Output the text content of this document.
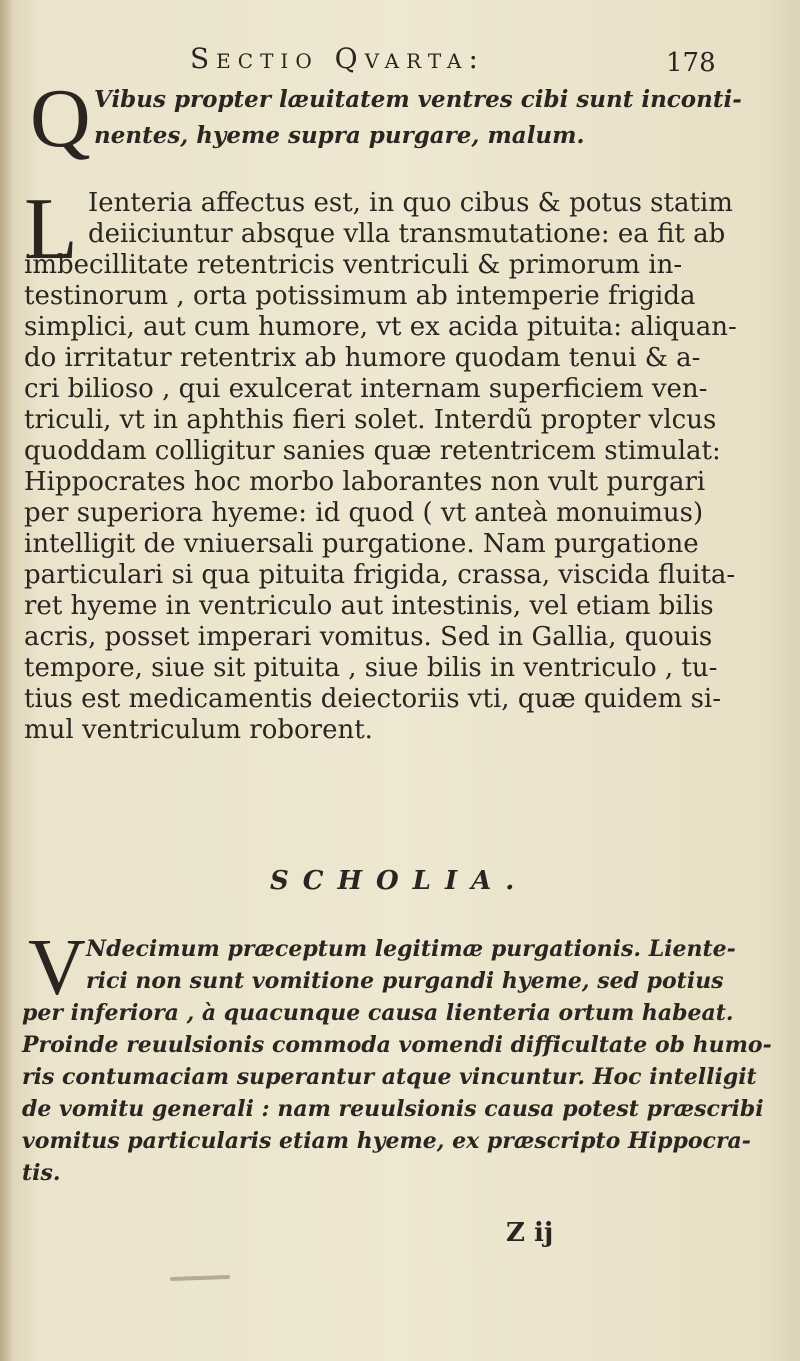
Sectio Qvarta:	178
Q Vibus propter læuitatem ventres cibi sunt inconti-
nentes, hyeme supra purgare, malum.
L Ienteria affectus est, in quo cibus & potus statim
deiiciuntur absque vlla transmutatione: ea fit ab
imbecillitate retentricis ventriculi & primorum in-
testinorum , orta potissimum ab intemperie frigida
simplici, aut cum humore, vt ex acida pituita: aliquan-
do irritatur retentrix ab humore quodam tenui & a-
cri bilioso , qui exulcerat internam superficiem ven-
triculi, vt in aphthis fieri solet. Interdũ propter vlcus
quoddam colligitur sanies quæ retentricem stimulat:
Hippocrates hoc morbo laborantes non vult purgari
per superiora hyeme: id quod ( vt anteà monuimus)
intelligit de vniuersali purgatione. Nam purgatione
particulari si qua pituita frigida, crassa, viscida fluita-
ret hyeme in ventriculo aut intestinis, vel etiam bilis
acris, posset imperari vomitus. Sed in Gallia, quouis
tempore, siue sit pituita , siue bilis in ventriculo , tu-
tius est medicamentis deiectoriis vti, quæ quidem si-
mul ventriculum roborent.
SCHOLIA.
V Ndecimum præceptum legitimæ purgationis. Liente-
rici non sunt vomitione purgandi hyeme, sed potius
per inferiora , à quacunque causa lienteria ortum habeat.
Proinde reuulsionis commoda vomendi difficultate ob humo-
ris contumaciam superantur atque vincuntur. Hoc intelligit
de vomitu generali : nam reuulsionis causa potest præscribi
vomitus particularis etiam hyeme, ex præscripto Hippocra-
tis.
Z ij
